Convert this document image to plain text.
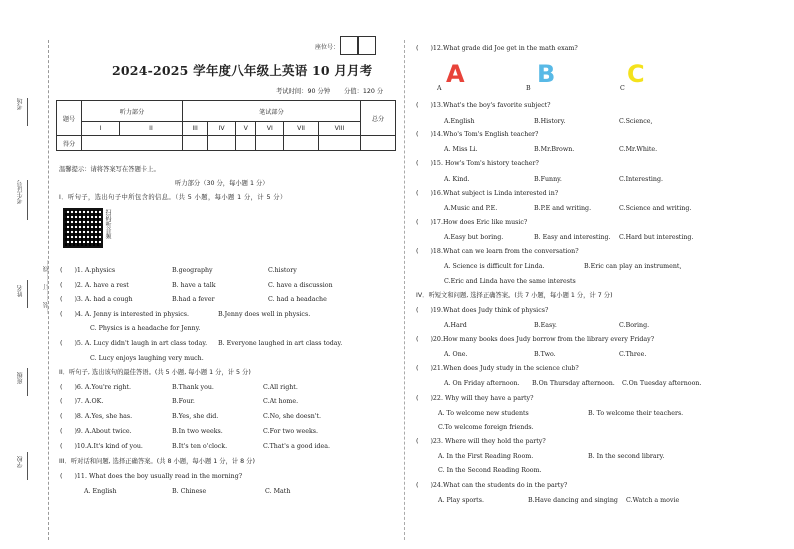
考场
考生证号
姓名
班级
学校
…装……订……线…
座位号：
2024-2025 学年度八年级上英语 10 月月考
考试时间：90 分钟 分值：120 分
题号	听力部分		笔试部分						总分
	I	II	III	IV	V	VI	VII	VIII	
得分									
温馨提示：请将答案写在答题卡上。
听力部分（30 分，每小题 1 分）
I．听句子，选出句子中所包含的信息。（共 5 小题，每小题 1 分，计 5 分）
扫码听音频
( )1. A.physics	B.geography	C.history
( )2. A. have a rest	B. have a talk	C. have a discussion
( )3. A. had a cough	B.had a fever	C. had a headache
( )4. A. Jenny is interested in physics.	B.Jenny does well in physics.
C. Physics is a headache for Jenny.
( )5. A. Lucy didn't laugh in art class today. B. Everyone laughed in art class today.
C. Lucy enjoys laughing very much.
II．听句子, 选出该句的最佳答语。(共 5 小题, 每小题 1 分，计 5 分)
( )6. A.You're right.	B.Thank you.	C.All right.
( )7. A.OK.	B.Four.	C.At home.
( )8. A.Yes, she has.	B.Yes, she did.	C.No, she doesn't.
( )9. A.About twice.	B.In two weeks.	C.For two weeks.
( )10.A.It's kind of you.	B.It's ten o'clock.	C.That's a good idea.
III．听对话和问题, 选择正确答案。(共 8 小题，每小题 1 分，计 8 分)
( )11. What does the boy usually read in the morning?
A. English	B. Chinese	C. Math
( )12.What grade did Joe get in the math exam?
A
A
B
B
C
C
( )13.What's the boy's favorite subject?
A.English	B.History.	C.Science,
( )14.Who's Tom's English teacher?
A. Miss Li.	B.Mr.Brown.	C.Mr.White.
( )15. How's Tom's history teacher?
A. Kind.	B.Funny.	C.Interesting.
( )16.What subject is Linda interested in?
A.Music and P.E.	B.P.E and writing.	C.Science and writing.
( )17.How does Eric like music?
A.Easy but boring.	B. Easy and interesting. C.Hard but interesting.
( )18.What can we learn from the conversation?
A. Science is difficult for Linda.	B.Eric can play an instrument,
C.Eric and Linda have the same interests
IV．听短文和问题, 选择正确答案。(共 7 小题，每小题 1 分，计 7 分)
( )19.What does Judy think of physics?
A.Hard	B.Easy.	C.Boring.
( )20.How many books does Judy borrow from the library every Friday?
A. One.	B.Two.	C.Three.
( )21.When does Judy study in the science club?
A. On Friday afternoon. B.On Thursday afternoon. C.On Tuesday afternoon.
( )22. Why will they have a party?
A. To welcome new students	B. To welcome their teachers.
C.To welcome foreign friends.
( )23. Where will they hold the party?
A. In the First Reading Room.	B. In the second library.
C. In the Second Reading Room.
( )24.What can the students do in the party?
A. Play sports.	B.Have dancing and singing C.Watch a movie
